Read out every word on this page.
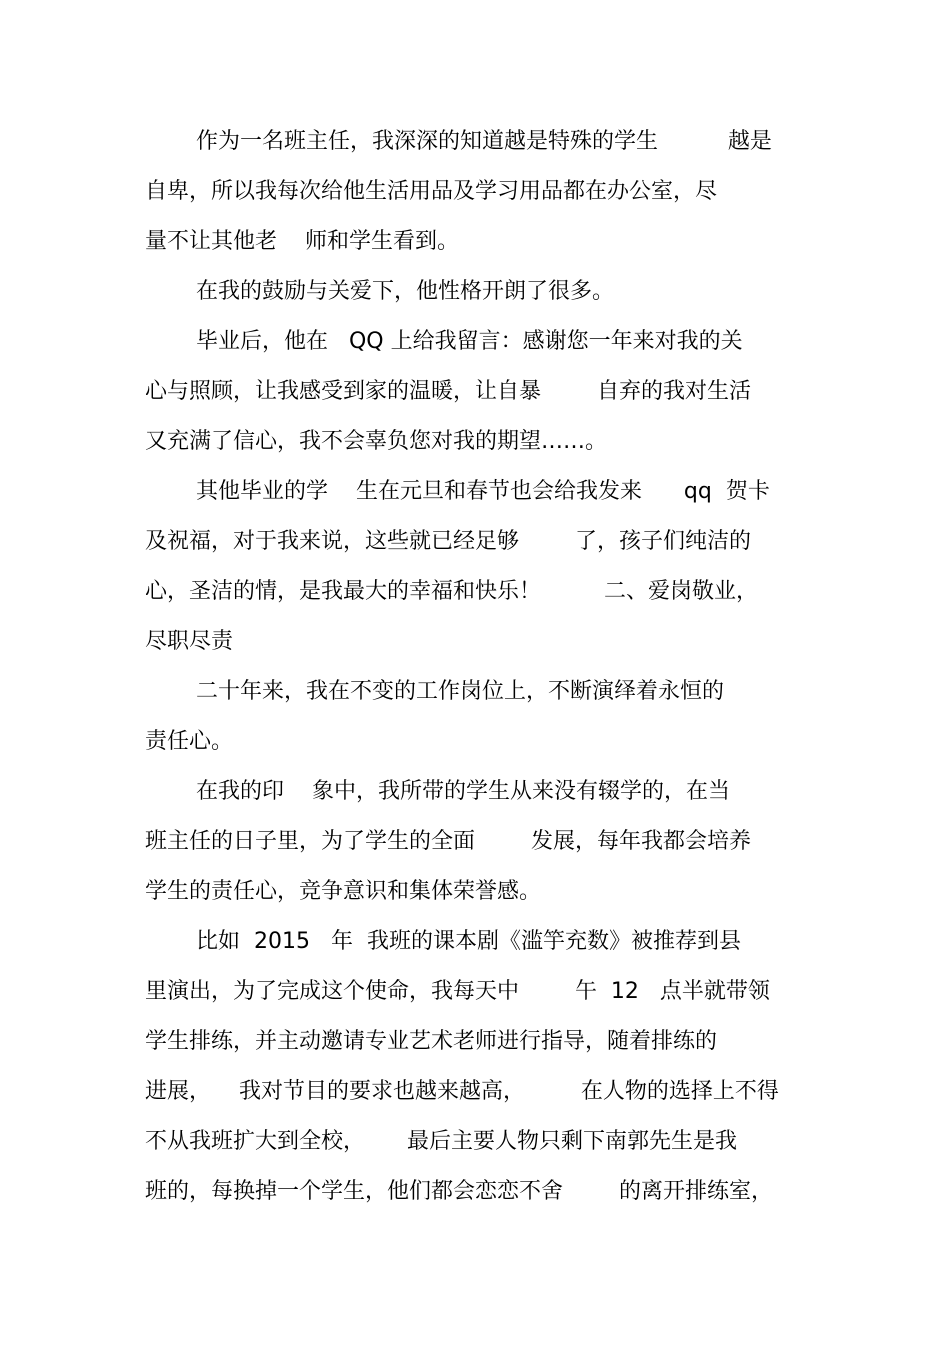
作为一名班主任，我深深的知道越是特殊的学生          越是
自卑，所以我每次给他生活用品及学习用品都在办公室，尽
量不让其他老    师和学生看到。
在我的鼓励与关爱下，他性格开朗了很多。
毕业后，他在   QQ 上给我留言：感谢您一年来对我的关
心与照顾，让我感受到家的温暖，让自暴        自弃的我对生活
又充满了信心，我不会辜负您对我的期望……。
其他毕业的学    生在元旦和春节也会给我发来      qq  贺卡
及祝福，对于我来说，这些就已经足够        了，孩子们纯洁的
心，圣洁的情，是我最大的幸福和快乐！         二、爱岗敬业，
尽职尽责
二十年来，我在不变的工作岗位上，不断演绎着永恒的
责任心。
在我的印    象中，我所带的学生从来没有辍学的，在当
班主任的日子里，为了学生的全面        发展，每年我都会培养
学生的责任心，竞争意识和集体荣誉感。
比如  2015   年  我班的课本剧《滥竽充数》被推荐到县
里演出，为了完成这个使命，我每天中        午  12   点半就带领
学生排练，并主动邀请专业艺术老师进行指导，随着排练的
进展，    我对节目的要求也越来越高，        在人物的选择上不得
不从我班扩大到全校，      最后主要人物只剩下南郭先生是我
班的，每换掉一个学生，他们都会恋恋不舍        的离开排练室，
